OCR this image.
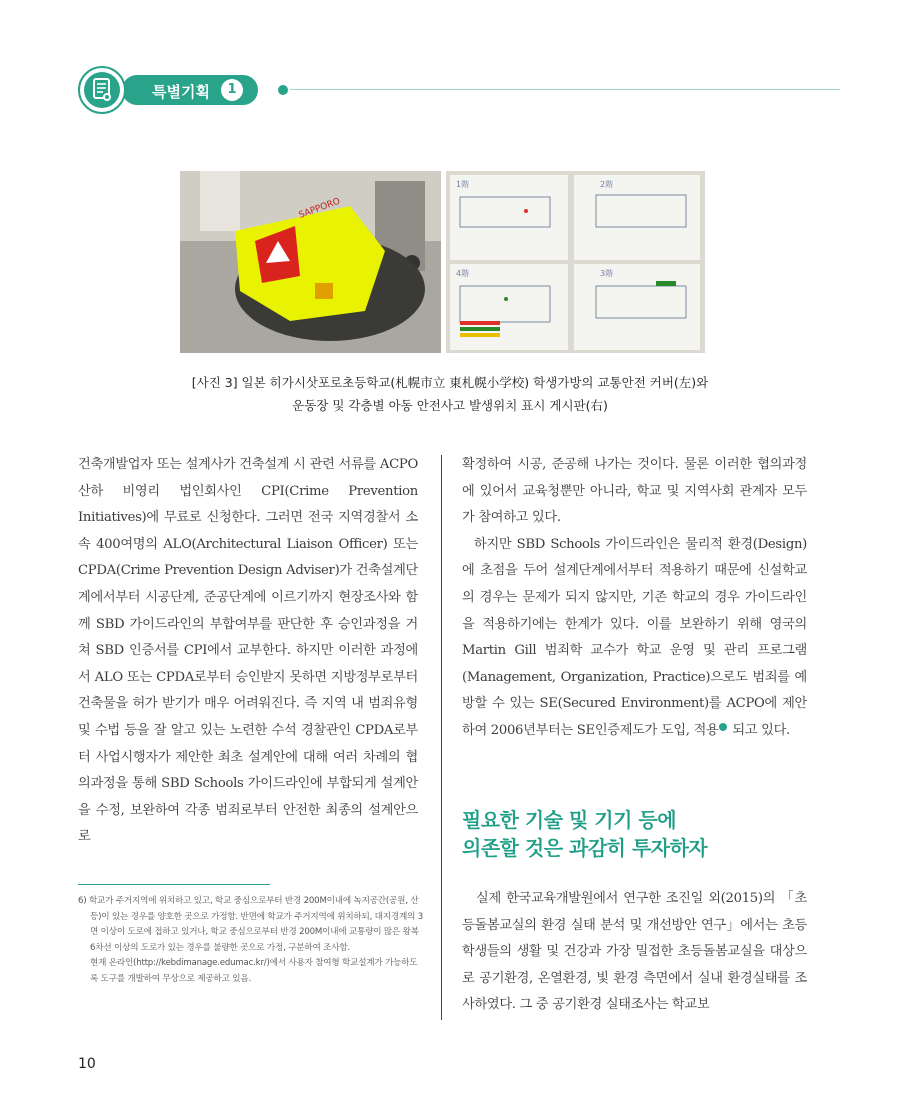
특별기획	1
SAPPORO
1階	2階
4階	3階
[사진 3] 일본 히가시삿포로초등학교(札幌市立 東札幌小学校) 학생가방의 교통안전 커버(左)와
운동장 및 각층별 아동 안전사고 발생위치 표시 게시판(右)

건축개발업자 또는 설계사가 건축설계 시 관련 서류를 ACPO 산하 비영리 법인회사인 CPI(Crime Prevention Initiatives)에 무료로 신청한다. 그러면 전국 지역경찰서 소속 400여명의 ALO(Architectural Liaison Officer) 또는 CPDA(Crime Prevention Design Adviser)가 건축설계단계에서부터 시공단계, 준공단계에 이르기까지 현장조사와 함께 SBD 가이드라인의 부합여부를 판단한 후 승인과정을 거쳐 SBD 인증서를 CPI에서 교부한다. 하지만 이러한 과정에서 ALO 또는 CPDA로부터 승인받지 못하면 지방정부로부터 건축물을 허가 받기가 매우 어려워진다. 즉 지역 내 범죄유형 및 수법 등을 잘 알고 있는 노련한 수석 경찰관인 CPDA로부터 사업시행자가 제안한 최초 설계안에 대해 여러 차례의 협의과정을 통해 SBD Schools 가이드라인에 부합되게 설계안을 수정, 보완하여 각종 범죄로부터 안전한 최종의 설계안으로

확정하여 시공, 준공해 나가는 것이다. 물론 이러한 협의과정에 있어서 교육청뿐만 아니라, 학교 및 지역사회 관계자 모두가 참여하고 있다.

하지만 SBD Schools 가이드라인은 물리적 환경(Design)에 초점을 두어 설계단계에서부터 적용하기 때문에 신설학교의 경우는 문제가 되지 않지만, 기존 학교의 경우 가이드라인을 적용하기에는 한계가 있다. 이를 보완하기 위해 영국의 Martin Gill 범죄학 교수가 학교 운영 및 관리 프로그램(Management, Organization, Practice)으로도 범죄를 예방할 수 있는 SE(Secured Environment)를 ACPO에 제안하여 2006년부터는 SE인증제도가 도입, 적용 되고 있다.

필요한 기술 및 기기 등에
의존할 것은 과감히 투자하자

실제 한국교육개발원에서 연구한 조진일 외(2015)의 「초등돌봄교실의 환경 실태 분석 및 개선방안 연구」에서는 초등학생들의 생활 및 건강과 가장 밀접한 초등돌봄교실을 대상으로 공기환경, 온열환경, 빛 환경 측면에서 실내 환경실태를 조사하였다. 그 중 공기환경 실태조사는 학교보

6) 학교가 주거지역에 위치하고 있고, 학교 중심으로부터 반경 200M이내에 녹지공간(공원, 산 등)이 있는 경우를 양호한 곳으로 가정함. 반면에 학교가 주거지역에 위치하되, 대지경계의 3면 이상이 도로에 접하고 있거나, 학교 중심으로부터 반경 200M이내에 교통량이 많은 왕복 6차선 이상의 도로가 있는 경우를 불량한 곳으로 가정, 구분하여 조사함.

현재 온라인(http://kebdimanage.edumac.kr/)에서 사용자 참여형 학교설계가 가능하도록 도구를 개발하여 무상으로 제공하고 있음.

10
